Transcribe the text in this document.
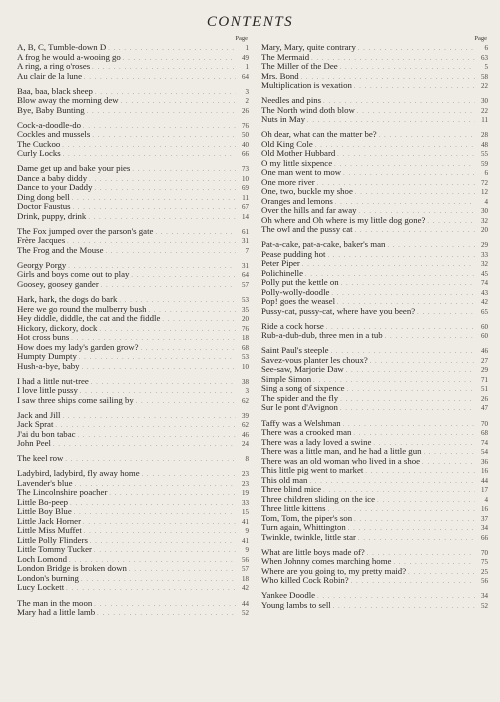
CONTENTS
Page
A, B, C, Tumble-down D . . .	1
A frog he would a-wooing go . . .	49
A ring, a ring o'roses . . .	1
Au clair de la lune . . .	64
Baa, baa, black sheep . . .	3
Blow away the morning dew . . .	2
Bye, Baby Bunting . . .	26
Cock-a-doodle-do . . .	76
Cockles and mussels . . .	50
The Cuckoo . . .	40
Curly Locks . . .	66
Dame get up and bake your pies . . .	73
Dance a baby diddy . . .	10
Dance to your Daddy . . .	69
Ding dong bell . . .	11
Doctor Faustus . . .	67
Drink, puppy, drink . . .	14
The Fox jumped over the parson's gate . . .	61
Frère Jacques . . .	31
The Frog and the Mouse . . .	7
Georgy Porgy . . .	31
Girls and boys come out to play . . .	64
Goosey, goosey gander . . .	57
Hark, hark, the dogs do bark . . .	53
Here we go round the mulberry bush . . .	35
Hey diddle, diddle, the cat and the fiddle . . .	20
Hickory, dickory, dock . . .	76
Hot cross buns . . .	18
How does my lady's garden grow? . . .	68
Humpty Dumpty . . .	53
Hush-a-bye, baby . . .	10
I had a little nut-tree . . .	38
I love little pussy . . .	3
I saw three ships come sailing by . . .	62
Jack and Jill . . .	39
Jack Sprat . . .	62
J'ai du bon tabac . . .	46
John Peel . . .	24
The keel row . . .	8
Ladybird, ladybird, fly away home . . .	23
Lavender's blue . . .	23
The Lincolnshire poacher . . .	19
Little Bo-peep . . .	33
Little Boy Blue . . .	15
Little Jack Horner . . .	41
Little Miss Muffet . . .	9
Little Polly Flinders . . .	41
Little Tommy Tucker . . .	9
Loch Lomond . . .	56
London Bridge is broken down . . .	57
London's burning . . .	18
Lucy Lockett . . .	42
The man in the moon . . .	44
Mary had a little lamb . . .	52
Page
Mary, Mary, quite contrary . . .	6
The Mermaid . . .	63
The Miller of the Dee . . .	5
Mrs. Bond . . .	58
Multiplication is vexation . . .	22
Needles and pins . . .	30
The North wind doth blow . . .	22
Nuts in May . . .	11
Oh dear, what can the matter be? . . .	28
Old King Cole . . .	48
Old Mother Hubbard . . .	55
O my little sixpence . . .	59
One man went to mow . . .	6
One more river . . .	72
One, two, buckle my shoe . . .	12
Oranges and lemons . . .	4
Over the hills and far away . . .	30
Oh where and Oh where is my little dog gone? . . .	32
The owl and the pussy cat . . .	20
Pat-a-cake, pat-a-cake, baker's man . . .	29
Pease pudding hot . . .	33
Peter Piper . . .	32
Polichinelle . . .	45
Polly put the kettle on . . .	74
Polly-wolly-doodle . . .	43
Pop! goes the weasel . . .	42
Pussy-cat, pussy-cat, where have you been? . . .	65
Ride a cock horse . . .	60
Rub-a-dub-dub, three men in a tub . . .	60
Saint Paul's steeple . . .	46
Savez-vous planter les choux? . . .	27
See-saw, Marjorie Daw . . .	29
Simple Simon . . .	71
Sing a song of sixpence . . .	51
The spider and the fly . . .	26
Sur le pont d'Avignon . . .	47
Taffy was a Welshman . . .	70
There was a crooked man . . .	68
There was a lady loved a swine . . .	74
There was a little man, and he had a little gun . . .	54
There was an old woman who lived in a shoe . . .	36
This little pig went to market . . .	16
This old man . . .	44
Three blind mice . . .	17
Three children sliding on the ice . . .	4
Three little kittens . . .	16
Tom, Tom, the piper's son . . .	37
Turn again, Whittington . . .	34
Twinkle, twinkle, little star . . .	66
What are little boys made of? . . .	70
When Johnny comes marching home . . .	75
Where are you going to, my pretty maid? . . .	25
Who killed Cock Robin? . . .	56
Yankee Doodle . . .	34
Young lambs to sell . . .	52
